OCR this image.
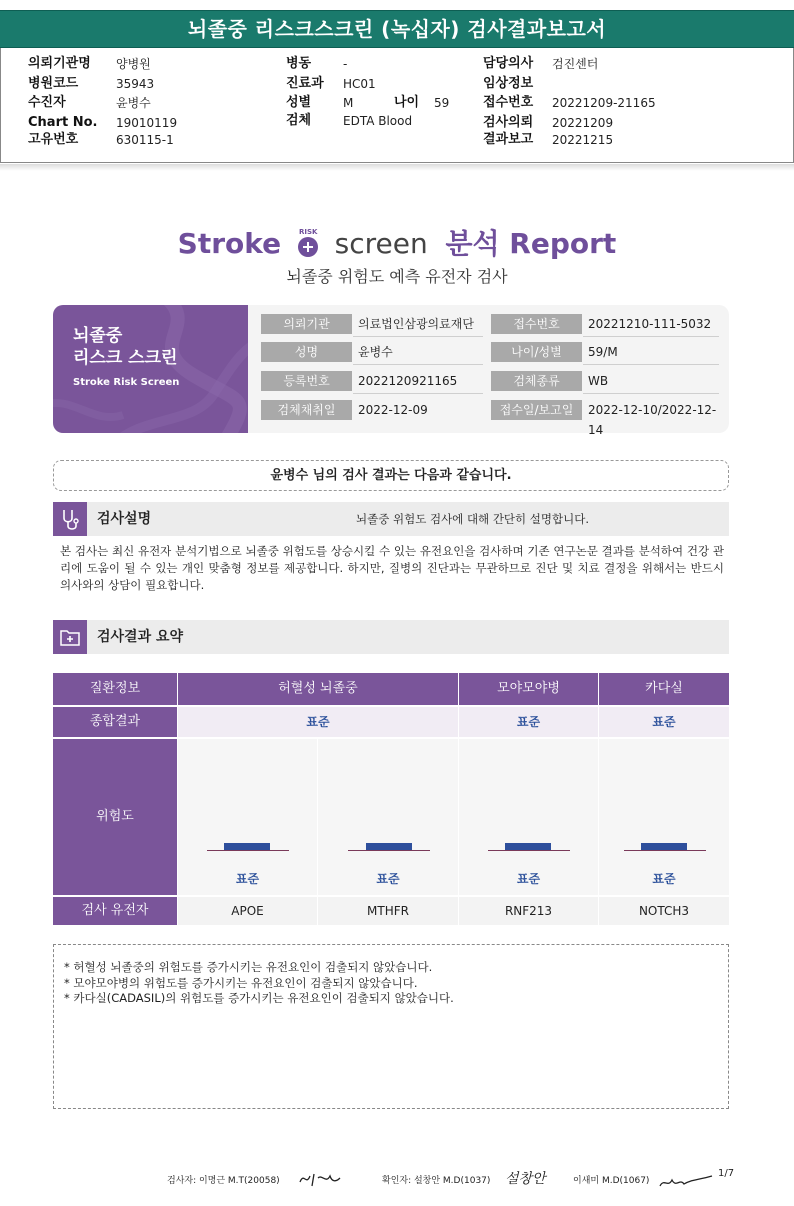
뇌졸중 리스크스크린 (녹십자) 검사결과보고서
의뢰기관명 양병원
병원코드	35943
수진자	윤병수
Chart No. 19010119
고유번호	630115-1
병동	-
진료과 HC01
성별	M	나이 59
검체	EDTA Blood
담당의사 검진센터
임상정보
접수번호 20221209-21165
검사의뢰 20221209
결과보고 20221215
Stroke	RISK screen 분석 Report
뇌졸중 위험도 예측 유전자 검사
뇌졸중
리스크 스크린
Stroke Risk Screen
의뢰기관	의료법인삼광의료재단	접수번호	20221210-111-5032
성명	윤병수	나이/성별	59/M
등록번호	2022120921165	검체종류	WB
검체채취일	2022-12-09	접수일/보고일	2022-12-10/2022-12-14
윤병수 님의 검사 결과는 다음과 같습니다.
검사설명	뇌졸중 위험도 검사에 대해 간단히 설명합니다.
본 검사는 최신 유전자 분석기법으로 뇌졸중 위험도를 상승시킬 수 있는 유전요인을 검사하며 기존 연구논문 결과를 분석하여 건강 관리에 도움이 될 수 있는 개인 맞춤형 정보를 제공합니다. 하지만, 질병의 진단과는 무관하므로 진단 및 치료 결정을 위해서는 반드시 의사와의 상담이 필요합니다.
검사결과 요약
질환정보	허혈성 뇌졸중	모야모야병	카다실
종합결과	표준	표준	표준
위험도
표준	표준	표준	표준
검사 유전자	APOE	MTHFR	RNF213	NOTCH3
* 허혈성 뇌졸중의 위험도를 증가시키는 유전요인이 검출되지 않았습니다.
* 모야모야병의 위험도를 증가시키는 유전요인이 검출되지 않았습니다.
* 카다실(CADASIL)의 위험도를 증가시키는 유전요인이 검출되지 않았습니다.
검사자: 이명근 M.T(20058)	확인자: 설창안 M.D(1037) 설창안	이새미 M.D(1067)
1/7
